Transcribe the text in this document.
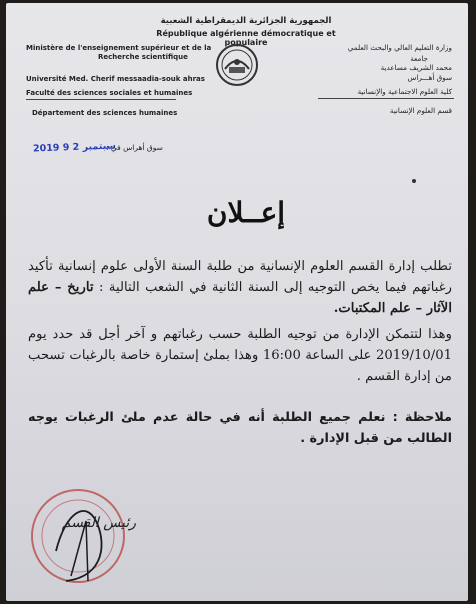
الجمهورية الجزائرية الديمقراطية الشعبية
République algérienne démocratique et populaire
Ministère de l'enseignement supérieur et de la
Recherche scientifique
Université Med. Cherif messaadia-souk ahras
Faculté des sciences sociales et humaines
Département des sciences humaines
وزارة التعليم العالي والبحث العلمي
جامعة
محمد الشريف مساعدية
سوق أهـــراس
كلية العلوم الاجتماعية والإنسانية
قسم العلوم الإنسانية
2019 سبتمبر 2 9
سوق أهراس في :
إعــلان
تطلب إدارة القسم العلوم الإنسانية من طلبة السنة الأولى علوم إنسانية تأكيد رغباتهم فيما يخص التوجيه إلى السنة الثانية في الشعب التالية : تاريخ – علم الآثار – علم المكتبات.
وهذا لتتمكن الإدارة من توجيه الطلبة حسب رغباتهم و آخر أجل قد حدد يوم 2019/10/01 على الساعة 16:00 وهذا بملئ إستمارة خاصة بالرغبات تسحب من إدارة القسم .
ملاحظة : نعلم جميع الطلبة أنه في حالة عدم ملئ الرغبات يوجه الطالب من قبل الإدارة .
رئيس القسم
